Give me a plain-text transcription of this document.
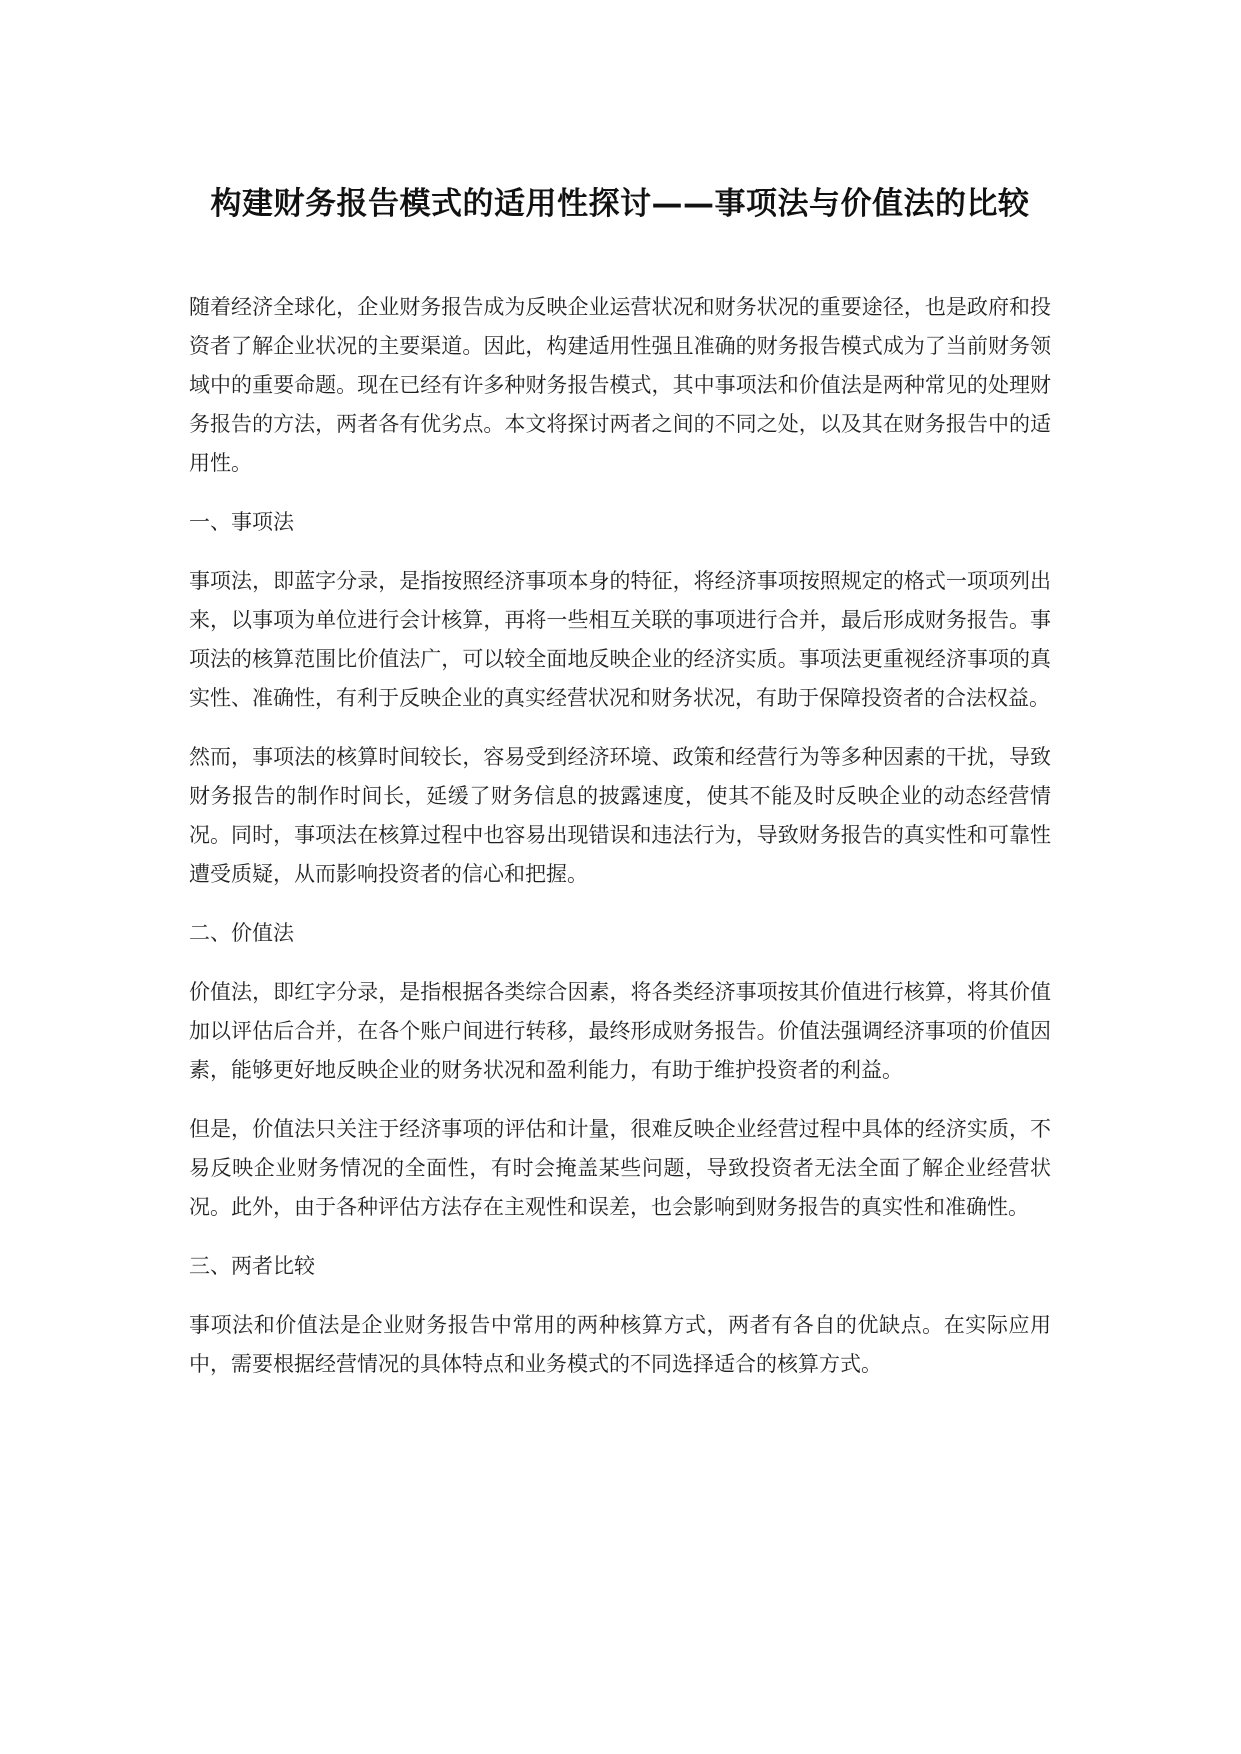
构建财务报告模式的适用性探讨——事项法与价值法的比较

随着经济全球化，企业财务报告成为反映企业运营状况和财务状况的重要途径，也是政府和投资者了解企业状况的主要渠道。因此，构建适用性强且准确的财务报告模式成为了当前财务领域中的重要命题。现在已经有许多种财务报告模式，其中事项法和价值法是两种常见的处理财务报告的方法，两者各有优劣点。本文将探讨两者之间的不同之处，以及其在财务报告中的适用性。

一、事项法

事项法，即蓝字分录，是指按照经济事项本身的特征，将经济事项按照规定的格式一项项列出来，以事项为单位进行会计核算，再将一些相互关联的事项进行合并，最后形成财务报告。事项法的核算范围比价值法广，可以较全面地反映企业的经济实质。事项法更重视经济事项的真实性、准确性，有利于反映企业的真实经营状况和财务状况，有助于保障投资者的合法权益。

然而，事项法的核算时间较长，容易受到经济环境、政策和经营行为等多种因素的干扰，导致财务报告的制作时间长，延缓了财务信息的披露速度，使其不能及时反映企业的动态经营情况。同时，事项法在核算过程中也容易出现错误和违法行为，导致财务报告的真实性和可靠性遭受质疑，从而影响投资者的信心和把握。

二、价值法

价值法，即红字分录，是指根据各类综合因素，将各类经济事项按其价值进行核算，将其价值加以评估后合并，在各个账户间进行转移，最终形成财务报告。价值法强调经济事项的价值因素，能够更好地反映企业的财务状况和盈利能力，有助于维护投资者的利益。

但是，价值法只关注于经济事项的评估和计量，很难反映企业经营过程中具体的经济实质，不易反映企业财务情况的全面性，有时会掩盖某些问题，导致投资者无法全面了解企业经营状况。此外，由于各种评估方法存在主观性和误差，也会影响到财务报告的真实性和准确性。

三、两者比较

事项法和价值法是企业财务报告中常用的两种核算方式，两者有各自的优缺点。在实际应用中，需要根据经营情况的具体特点和业务模式的不同选择适合的核算方式。
